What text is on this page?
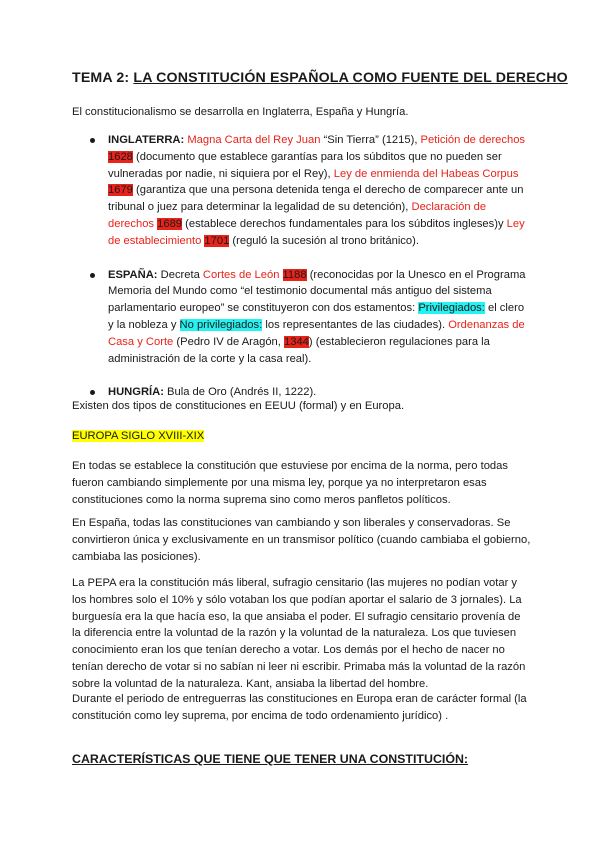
TEMA 2: LA CONSTITUCIÓN ESPAÑOLA COMO FUENTE DEL DERECHO

El constitucionalismo se desarrolla en Inglaterra, España y Hungría.

INGLATERRA: Magna Carta del Rey Juan “Sin Tierra” (1215), Petición de derechos 1628 (documento que establece garantías para los súbditos que no pueden ser vulneradas por nadie, ni siquiera por el Rey), Ley de enmienda del Habeas Corpus 1679 (garantiza que una persona detenida tenga el derecho de comparecer ante un tribunal o juez para determinar la legalidad de su detención), Declaración de derechos 1689 (establece derechos fundamentales para los súbditos ingleses)y Ley de establecimiento 1701 (reguló la sucesión al trono británico).
ESPAÑA: Decreta Cortes de León 1188 (reconocidas por la Unesco en el Programa Memoria del Mundo como “el testimonio documental más antiguo del sistema parlamentario europeo” se constituyeron con dos estamentos: Privilegiados: el clero y la nobleza y No privilegiados: los representantes de las ciudades). Ordenanzas de Casa y Corte (Pedro IV de Aragón, 1344) (establecieron regulaciones para la administración de la corte y la casa real).
HUNGRÍA: Bula de Oro (Andrés II, 1222).

Existen dos tipos de constituciones en EEUU (formal) y en Europa.

EUROPA SIGLO XVIII-XIX

En todas se establece la constitución que estuviese por encima de la norma, pero todas fueron cambiando simplemente por una misma ley, porque ya no interpretaron esas constituciones como la norma suprema sino como meros panfletos políticos.

En España, todas las constituciones van cambiando y son liberales y conservadoras. Se convirtieron única y exclusivamente en un transmisor político (cuando cambiaba el gobierno, cambiaba las posiciones).

La PEPA era la constitución más liberal, sufragio censitario (las mujeres no podían votar y los hombres solo el 10% y sólo votaban los que podían aportar el salario de 3 jornales). La burguesía era la que hacía eso, la que ansiaba el poder. El sufragio censitario provenía de la diferencia entre la voluntad de la razón y la voluntad de la naturaleza. Los que tuviesen conocimiento eran los que tenían derecho a votar. Los demás por el hecho de nacer no tenían derecho de votar si no sabían ni leer ni escribir. Primaba más la voluntad de la razón sobre la voluntad de la naturaleza. Kant, ansiaba la libertad del hombre.

Durante el periodo de entreguerras las constituciones en Europa eran de carácter formal (la constitución como ley suprema, por encima de todo ordenamiento jurídico) .

CARACTERÍSTICAS QUE TIENE QUE TENER UNA CONSTITUCIÓN:
